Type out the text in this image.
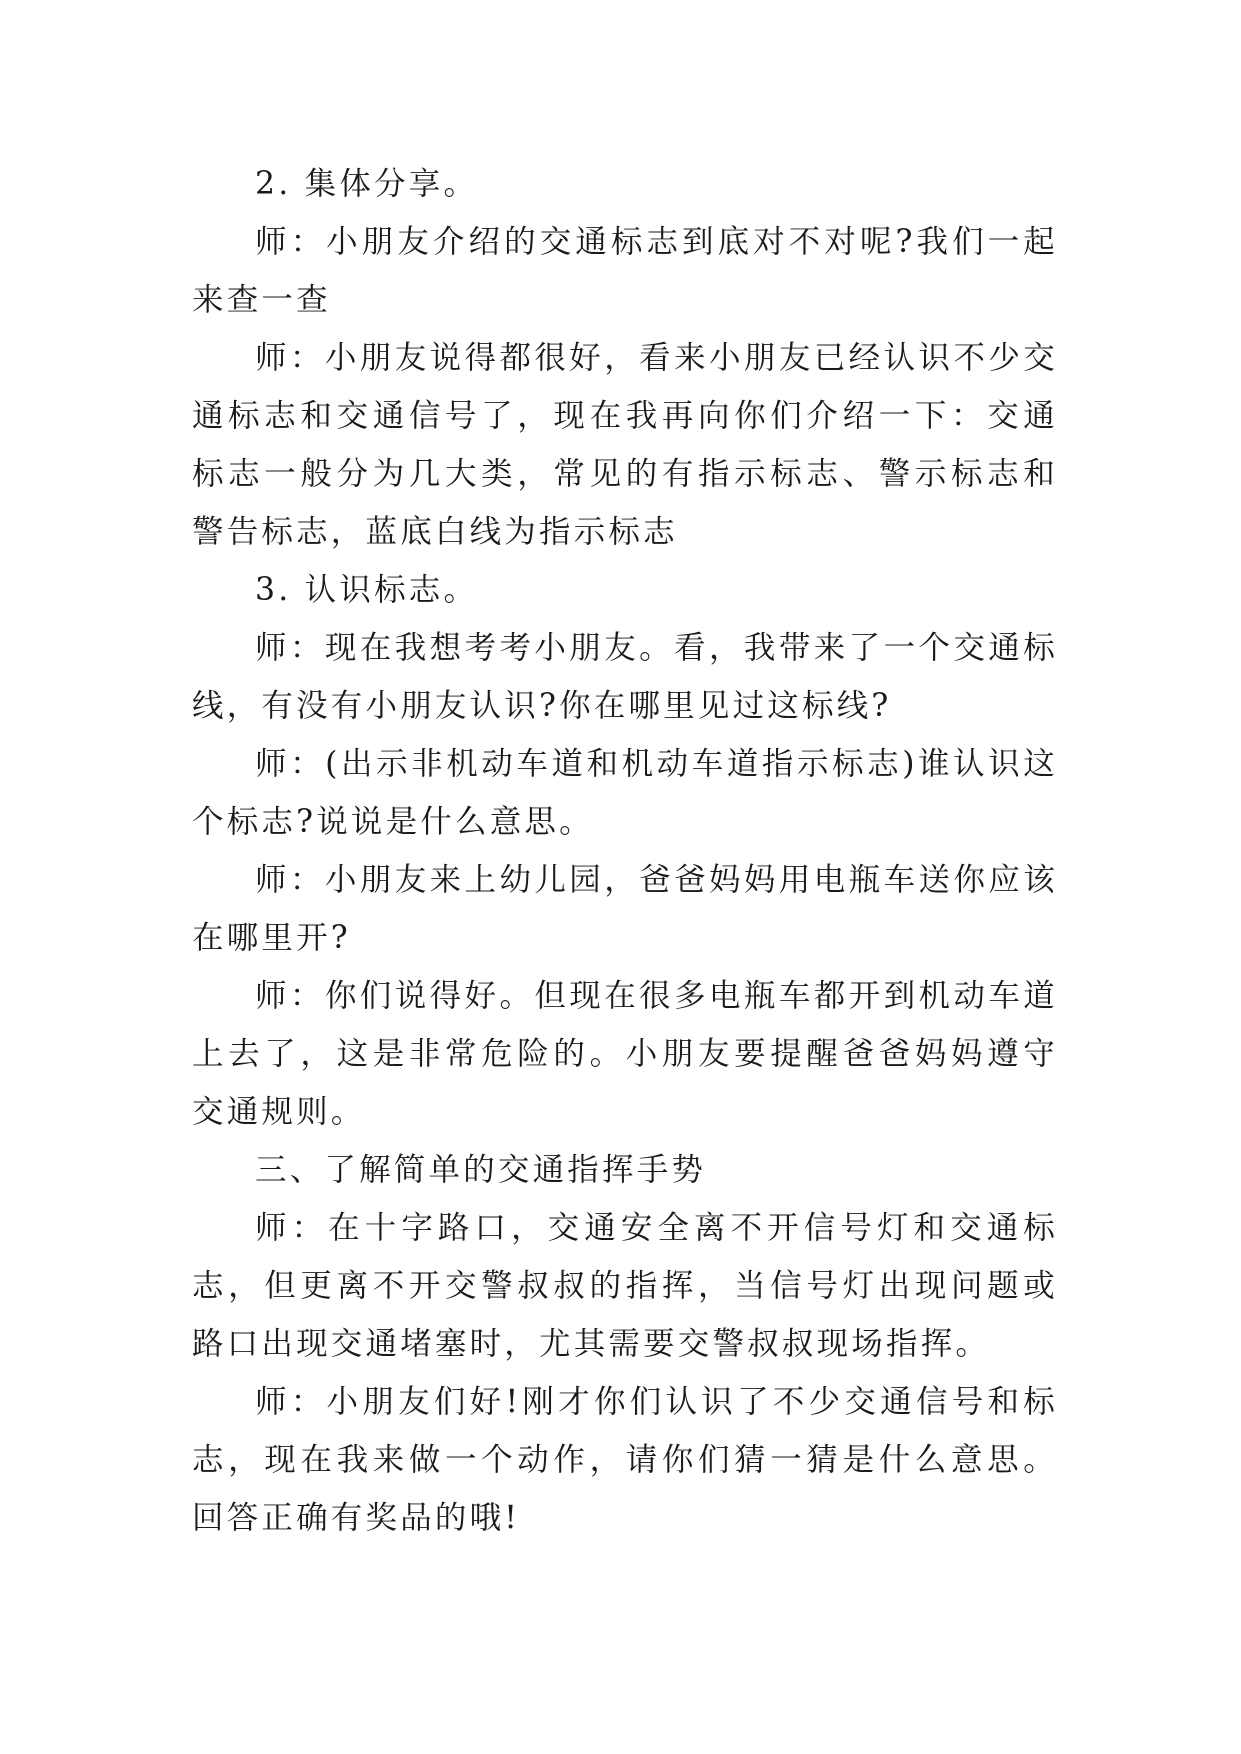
2. 集体分享。

师：小朋友介绍的交通标志到底对不对呢?我们一起来查一查

师：小朋友说得都很好，看来小朋友已经认识不少交通标志和交通信号了，现在我再向你们介绍一下：交通标志一般分为几大类，常见的有指示标志、警示标志和警告标志，蓝底白线为指示标志

3. 认识标志。

师：现在我想考考小朋友。看，我带来了一个交通标线，有没有小朋友认识?你在哪里见过这标线?

师：(出示非机动车道和机动车道指示标志)谁认识这个标志?说说是什么意思。

师：小朋友来上幼儿园，爸爸妈妈用电瓶车送你应该在哪里开?

师：你们说得好。但现在很多电瓶车都开到机动车道上去了，这是非常危险的。小朋友要提醒爸爸妈妈遵守交通规则。

三、了解简单的交通指挥手势

师：在十字路口，交通安全离不开信号灯和交通标志，但更离不开交警叔叔的指挥，当信号灯出现问题或路口出现交通堵塞时，尤其需要交警叔叔现场指挥。

师：小朋友们好!刚才你们认识了不少交通信号和标志，现在我来做一个动作，请你们猜一猜是什么意思。回答正确有奖品的哦!
